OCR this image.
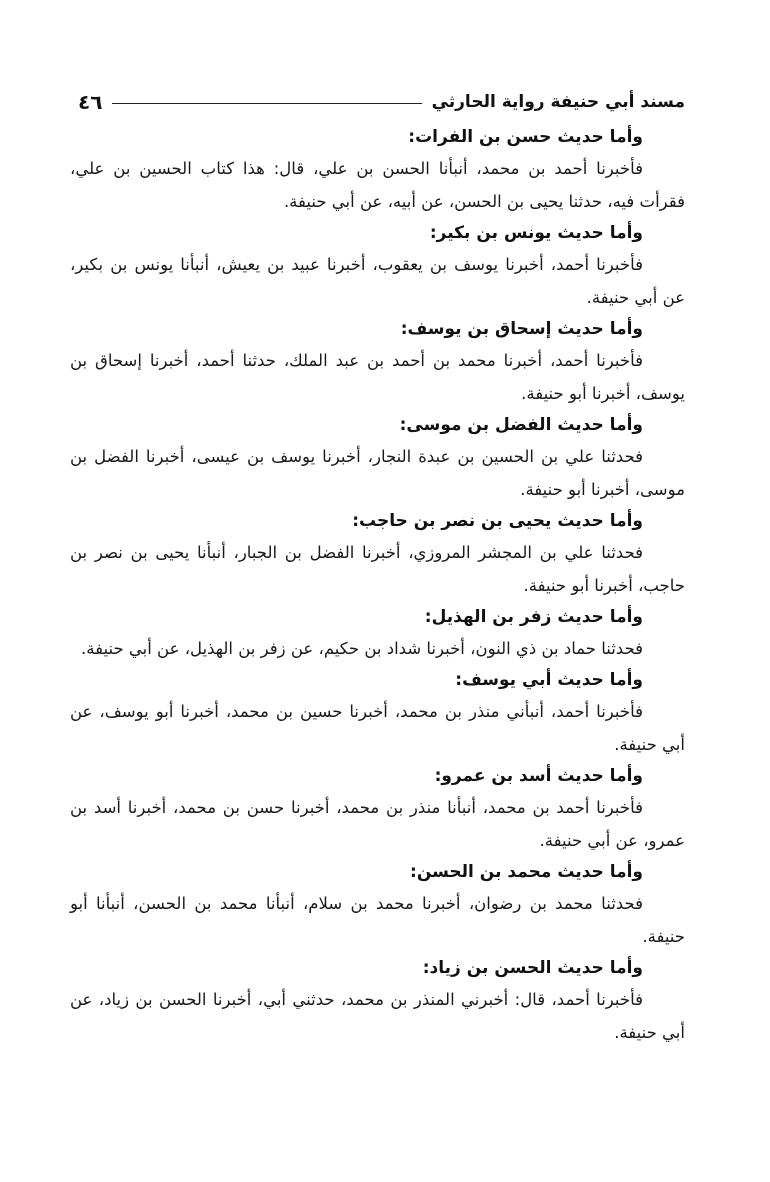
مسند أبي حنيفة رواية الحارثي
٤٦

وأما حديث حسن بن الفرات:

فأخبرنا أحمد بن محمد، أنبأنا الحسن بن علي، قال: هذا كتاب الحسين بن علي، فقرأت فيه، حدثنا يحيى بن الحسن، عن أبيه، عن أبي حنيفة.

وأما حديث يونس بن بكير:

فأخبرنا أحمد، أخبرنا يوسف بن يعقوب، أخبرنا عبيد بن يعيش، أنبأنا يونس بن بكير، عن أبي حنيفة.

وأما حديث إسحاق بن يوسف:

فأخبرنا أحمد، أخبرنا محمد بن أحمد بن عبد الملك، حدثنا أحمد، أخبرنا إسحاق بن يوسف، أخبرنا أبو حنيفة.

وأما حديث الفضل بن موسى:

فحدثنا علي بن الحسين بن عبدة النجار، أخبرنا يوسف بن عيسى، أخبرنا الفضل بن موسى، أخبرنا أبو حنيفة.

وأما حديث يحيى بن نصر بن حاجب:

فحدثنا علي بن المجشر المروزي، أخبرنا الفضل بن الجبار، أنبأنا يحيى بن نصر بن حاجب، أخبرنا أبو حنيفة.

وأما حديث زفر بن الهذيل:

فحدثنا حماد بن ذي النون، أخبرنا شداد بن حكيم، عن زفر بن الهذيل، عن أبي حنيفة.

وأما حديث أبي يوسف:

فأخبرنا أحمد، أنبأني منذر بن محمد، أخبرنا حسين بن محمد، أخبرنا أبو يوسف، عن أبي حنيفة.

وأما حديث أسد بن عمرو:

فأخبرنا أحمد بن محمد، أنبأنا منذر بن محمد، أخبرنا حسن بن محمد، أخبرنا أسد بن عمرو، عن أبي حنيفة.

وأما حديث محمد بن الحسن:

فحدثنا محمد بن رضوان، أخبرنا محمد بن سلام، أنبأنا محمد بن الحسن، أنبأنا أبو حنيفة.

وأما حديث الحسن بن زياد:

فأخبرنا أحمد، قال: أخبرني المنذر بن محمد، حدثني أبي، أخبرنا الحسن بن زياد، عن أبي حنيفة.
